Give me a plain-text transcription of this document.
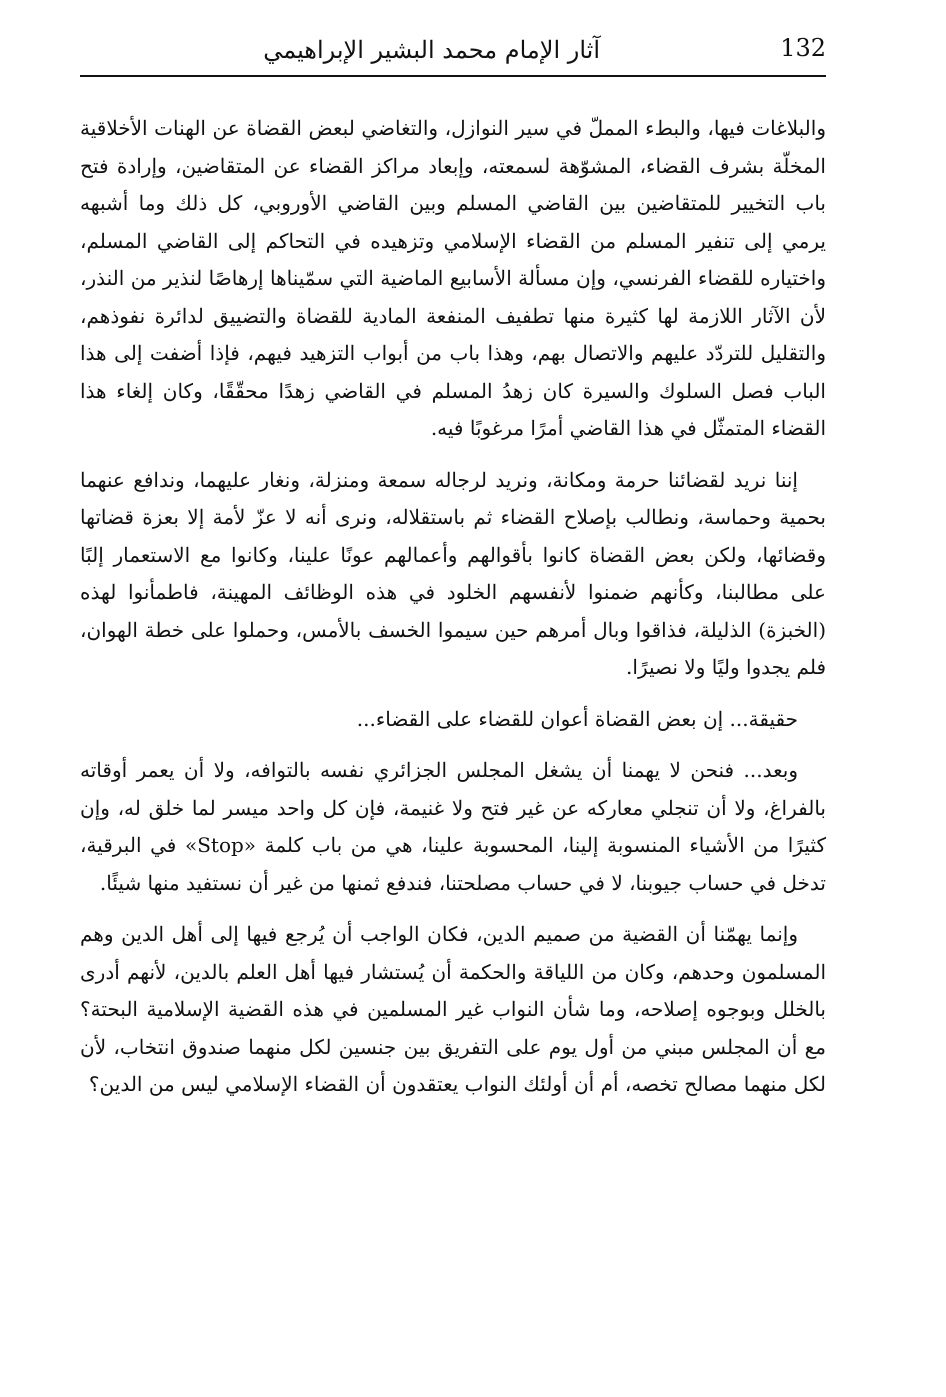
132
آثار الإمام محمد البشير الإبراهيمي

والبلاغات فيها، والبطء المملّ في سير النوازل، والتغاضي لبعض القضاة عن الهنات الأخلاقية المخلّة بشرف القضاء، المشوّهة لسمعته، وإبعاد مراكز القضاء عن المتقاضين، وإرادة فتح باب التخيير للمتقاضين بين القاضي المسلم وبين القاضي الأوروبي، كل ذلك وما أشبهه يرمي إلى تنفير المسلم من القضاء الإسلامي وتزهيده في التحاكم إلى القاضي المسلم، واختياره للقضاء الفرنسي، وإن مسألة الأسابيع الماضية التي سمّيناها إرهاصًا لنذير من النذر، لأن الآثار اللازمة لها كثيرة منها تطفيف المنفعة المادية للقضاة والتضييق لدائرة نفوذهم، والتقليل للتردّد عليهم والاتصال بهم، وهذا باب من أبواب التزهيد فيهم، فإذا أضفت إلى هذا الباب فصل السلوك والسيرة كان زهدُ المسلم في القاضي زهدًا محقّقًا، وكان إلغاء هذا القضاء المتمثّل في هذا القاضي أمرًا مرغوبًا فيه.

إننا نريد لقضائنا حرمة ومكانة، ونريد لرجاله سمعة ومنزلة، ونغار عليهما، وندافع عنهما بحمية وحماسة، ونطالب بإصلاح القضاء ثم باستقلاله، ونرى أنه لا عزّ لأمة إلا بعزة قضاتها وقضائها، ولكن بعض القضاة كانوا بأقوالهم وأعمالهم عونًا علينا، وكانوا مع الاستعمار إلبًا على مطالبنا، وكأنهم ضمنوا لأنفسهم الخلود في هذه الوظائف المهينة، فاطمأنوا لهذه (الخبزة) الذليلة، فذاقوا وبال أمرهم حين سيموا الخسف بالأمس، وحملوا على خطة الهوان، فلم يجدوا وليًا ولا نصيرًا.

حقيقة... إن بعض القضاة أعوان للقضاء على القضاء...

وبعد... فنحن لا يهمنا أن يشغل المجلس الجزائري نفسه بالتوافه، ولا أن يعمر أوقاته بالفراغ، ولا أن تنجلي معاركه عن غير فتح ولا غنيمة، فإن كل واحد ميسر لما خلق له، وإن كثيرًا من الأشياء المنسوبة إلينا، المحسوبة علينا، هي من باب كلمة «Stop» في البرقية، تدخل في حساب جيوبنا، لا في حساب مصلحتنا، فندفع ثمنها من غير أن نستفيد منها شيئًا.

وإنما يهمّنا أن القضية من صميم الدين، فكان الواجب أن يُرجع فيها إلى أهل الدين وهم المسلمون وحدهم، وكان من اللياقة والحكمة أن يُستشار فيها أهل العلم بالدين، لأنهم أدرى بالخلل وبوجوه إصلاحه، وما شأن النواب غير المسلمين في هذه القضية الإسلامية البحتة؟ مع أن المجلس مبني من أول يوم على التفريق بين جنسين لكل منهما صندوق انتخاب، لأن لكل منهما مصالح تخصه، أم أن أولئك النواب يعتقدون أن القضاء الإسلامي ليس من الدين؟
